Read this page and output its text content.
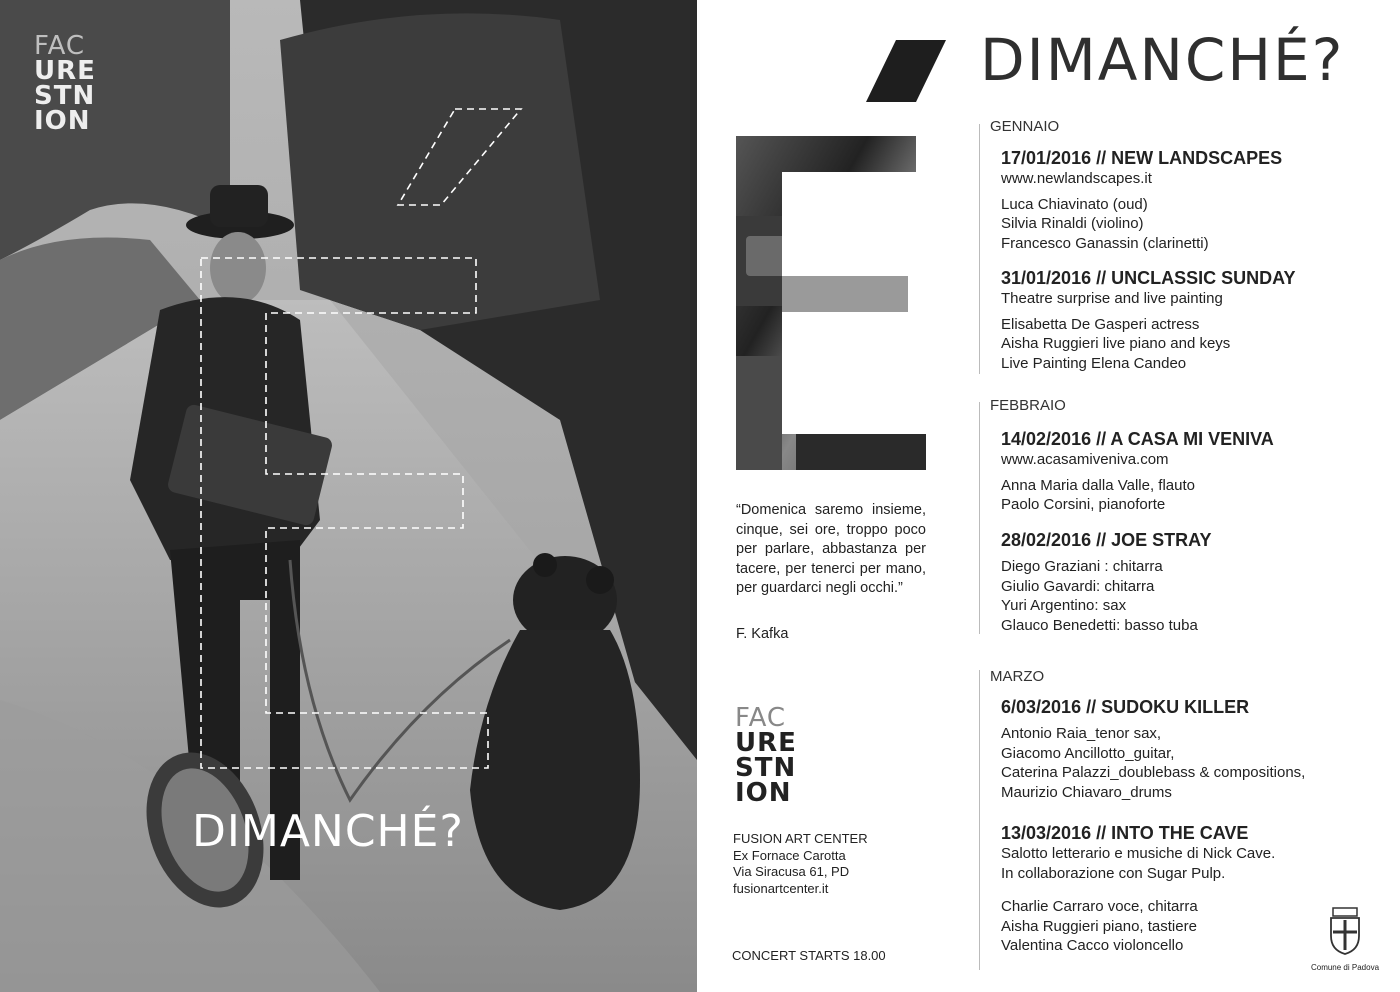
FAC
URE
STN
ION
DIMANCHÉ?
DIMANCHÉ?
“Domenica saremo insieme, cinque, sei ore, troppo poco per parlare, abbastanza per tacere, per tenerci per mano, per guardarci negli occhi.”
F. Kafka
FAC
URE
STN
ION
FUSION ART CENTER
Ex Fornace Carotta
Via Siracusa 61, PD
fusionartcenter.it
CONCERT STARTS 18.00
GENNAIO
17/01/2016 // NEW LANDSCAPES
www.newlandscapes.it
Luca Chiavinato (oud)
Silvia Rinaldi (violino)
Francesco Ganassin (clarinetti)
31/01/2016 // UNCLASSIC SUNDAY
Theatre surprise and live painting
Elisabetta De Gasperi actress
Aisha Ruggieri live piano and keys
Live Painting Elena Candeo
FEBBRAIO
14/02/2016 // A CASA MI VENIVA
www.acasamiveniva.com
Anna Maria dalla Valle, flauto
Paolo Corsini, pianoforte
28/02/2016 // JOE STRAY
Diego Graziani : chitarra
Giulio Gavardi: chitarra
Yuri Argentino: sax
Glauco Benedetti: basso tuba
MARZO
6/03/2016 // SUDOKU KILLER
Antonio Raia_tenor sax,
Giacomo Ancillotto_guitar,
Caterina Palazzi_doublebass & compositions,
Maurizio Chiavaro_drums
13/03/2016 // INTO THE CAVE
Salotto letterario e musiche di Nick Cave.
In collaborazione con Sugar Pulp.
Charlie Carraro voce, chitarra
Aisha Ruggieri piano, tastiere
Valentina Cacco violoncello
Comune di Padova
